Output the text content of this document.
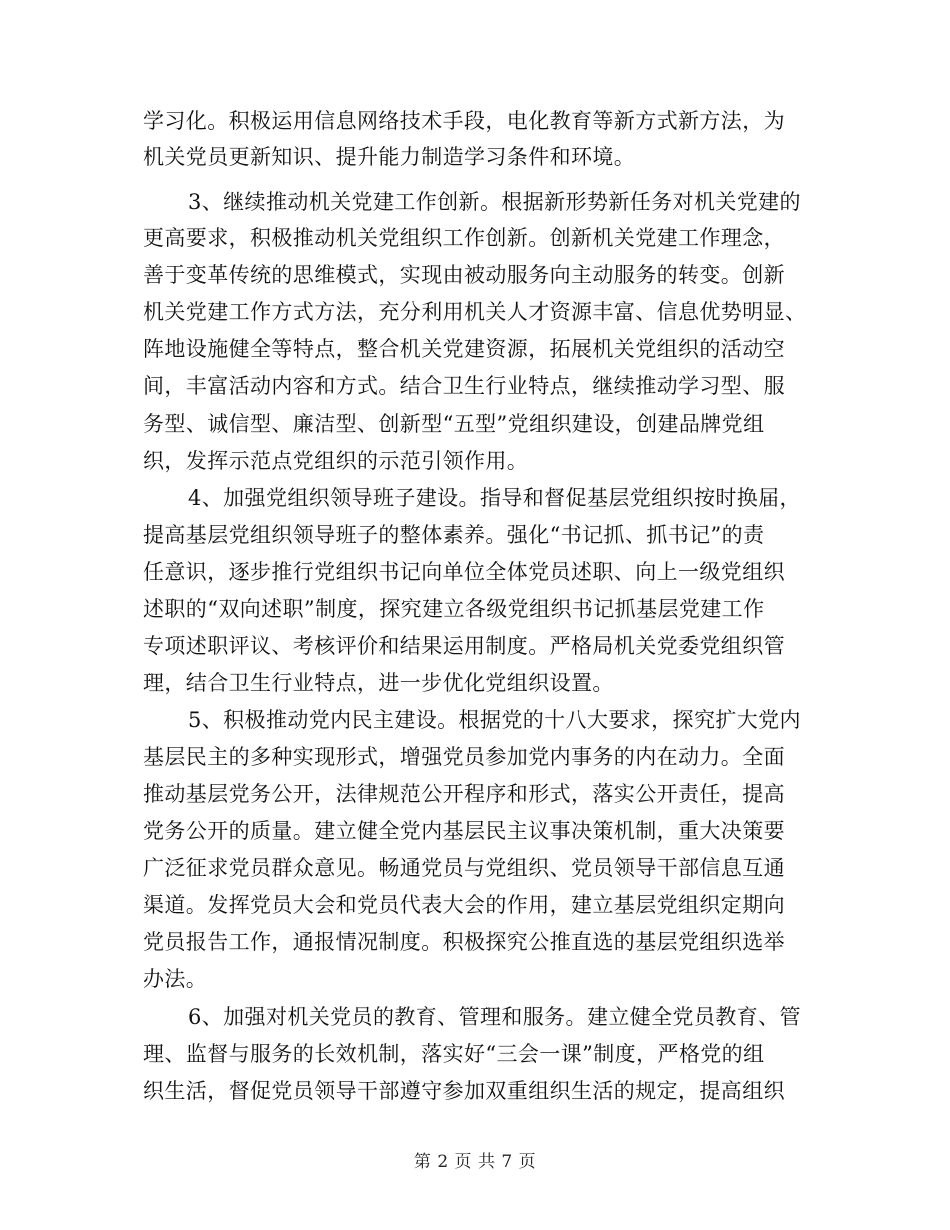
学习化。积极运用信息网络技术手段，电化教育等新方式新方法，为
机关党员更新知识、提升能力制造学习条件和环境。
3、继续推动机关党建工作创新。根据新形势新任务对机关党建的
更高要求，积极推动机关党组织工作创新。创新机关党建工作理念，
善于变革传统的思维模式，实现由被动服务向主动服务的转变。创新
机关党建工作方式方法，充分利用机关人才资源丰富、信息优势明显、
阵地设施健全等特点，整合机关党建资源，拓展机关党组织的活动空
间，丰富活动内容和方式。结合卫生行业特点，继续推动学习型、服
务型、诚信型、廉洁型、创新型“五型”党组织建设，创建品牌党组
织，发挥示范点党组织的示范引领作用。
4、加强党组织领导班子建设。指导和督促基层党组织按时换届，
提高基层党组织领导班子的整体素养。强化“书记抓、抓书记”的责
任意识，逐步推行党组织书记向单位全体党员述职、向上一级党组织
述职的“双向述职”制度，探究建立各级党组织书记抓基层党建工作
专项述职评议、考核评价和结果运用制度。严格局机关党委党组织管
理，结合卫生行业特点，进一步优化党组织设置。
5、积极推动党内民主建设。根据党的十八大要求，探究扩大党内
基层民主的多种实现形式，增强党员参加党内事务的内在动力。全面
推动基层党务公开，法律规范公开程序和形式，落实公开责任，提高
党务公开的质量。建立健全党内基层民主议事决策机制，重大决策要
广泛征求党员群众意见。畅通党员与党组织、党员领导干部信息互通
渠道。发挥党员大会和党员代表大会的作用，建立基层党组织定期向
党员报告工作，通报情况制度。积极探究公推直选的基层党组织选举
办法。
6、加强对机关党员的教育、管理和服务。建立健全党员教育、管
理、监督与服务的长效机制，落实好“三会一课”制度，严格党的组
织生活，督促党员领导干部遵守参加双重组织生活的规定，提高组织
第 2 页 共 7 页
